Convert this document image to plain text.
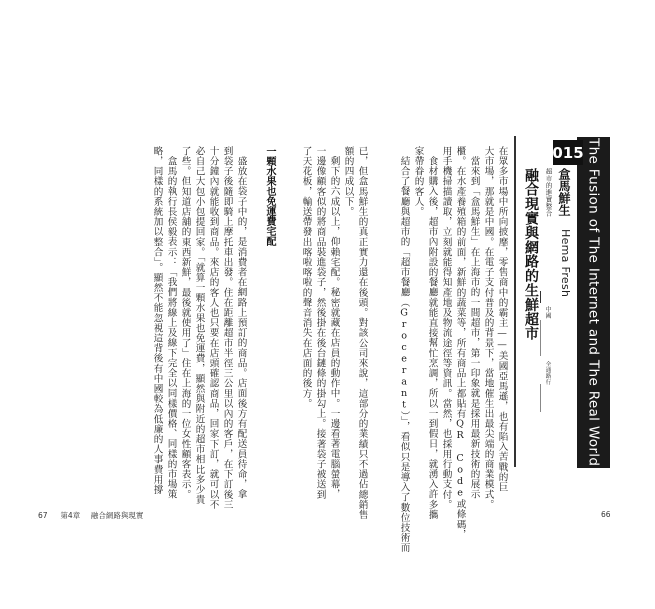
The Fusion of The Internet and The Real World
015
盒馬鮮生
Hema Fresh
超市的進實整合
中國
全通路行
融合現實與網路的生鮮超市
在眾多市場中所向披靡，零售商中的霸主——美國亞馬遜，也有陷入苦戰的巨
大市場，那就是中國。在電子支付普及的背景下，當地催生出最尖端的商業模式。
當來到「盒馬鮮生」在上海市的一間超市，第一印象就是採用最新技術的展示
櫃。在水產養殖箱的前面，新鮮的蔬菜等，所有商品上都貼有QR Code或條碼，
用手機掃描讀取，立刻就能得知產地及物流途徑等資訊。當然，也採用行動支付。
食材購入後，超市內附設的餐廳就能直接幫忙烹調，所以一到假日，就湧入許多攜
家帶眷的客人。
結合了餐廳與超市的「超市餐廳（Grocerant）」，看似只是導入了數位技術而
已，但盒馬鮮生的真正實力還在後頭。對該公司來說，這部分的業績只不過佔總銷售
額的四成以下。
剩下的六成以上，仰賴宅配。秘密就藏在店員的動作中。一邊看著電腦螢幕，
一邊像顧客似的將商品裝進袋子，然後掛在後台鏈條的掛勾上。接著袋子被送到
了天花板，輸送帶發出喀啦喀啦的聲音消失在店面的後方。
一顆水果也免運費宅配
盛放在袋子中的，是消費者在網路上預訂的商品。店面後方有配送員待命，拿
到袋子後隨即騎上摩托車出發。住在距離超市半徑三公里以內的客戶，在下訂後三
十分鐘內就能收到商品。來店的客人也只要在店頭確認商品，回家下訂，就可以不
必自己大包小包提回家。「就算一顆水果也免運費，顯然與附近的超市相比多少貴
了些。但知道店舖的東西新鮮，最後就使用了」住在上海的一位女性顧客表示。
盒馬的執行長侯毅表示：「我們將線上及線下完全以同樣價格、同樣的市場策
略，同樣的系統加以整合」。顯然不能忽視這背後有中國較為低廉的人事費用撐
67 第4章 融合網路與現實	66
